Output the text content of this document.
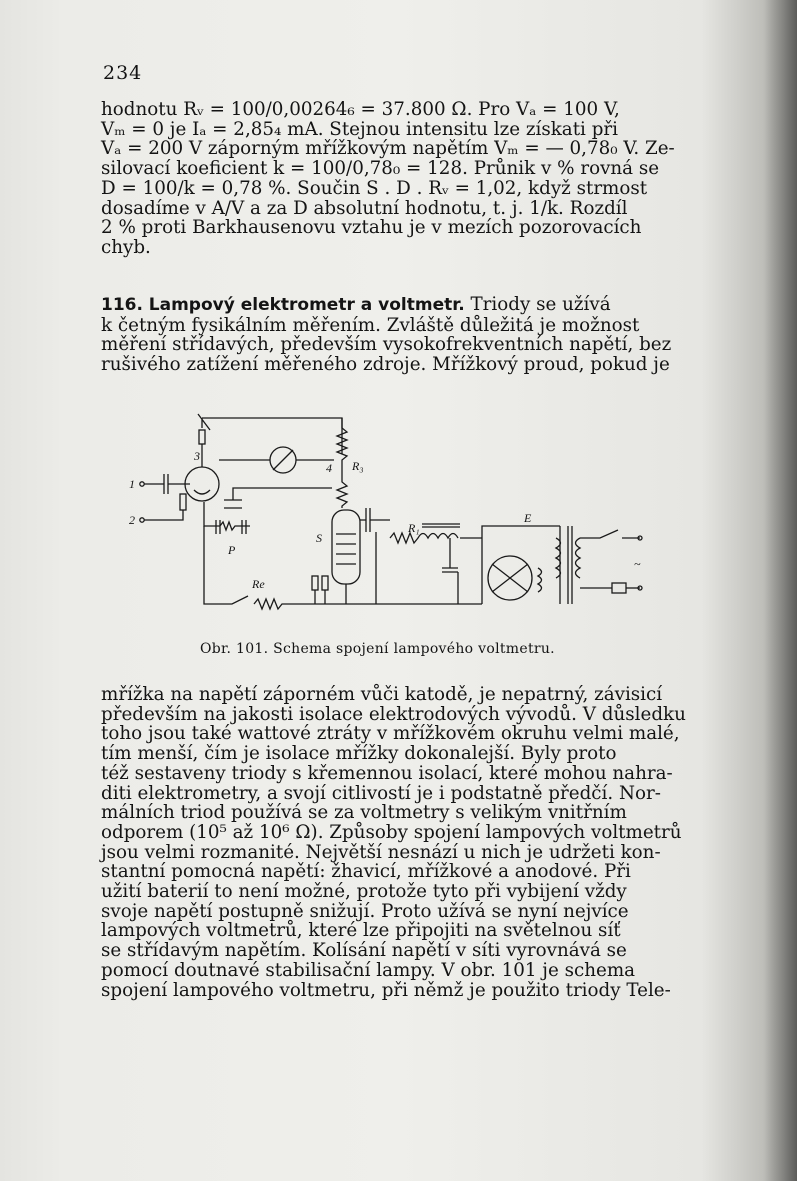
234
hodnotu Rᵥ = 100/0,00264₆ = 37.800 Ω. Pro Vₐ = 100 V,
Vₘ = 0 je Iₐ = 2,85₄ mA. Stejnou intensitu lze získati při
Vₐ = 200 V záporným mřížkovým napětím Vₘ = — 0,78₀ V. Ze-
silovací koeficient k = 100/0,78₀ = 128. Průnik v % rovná se
D = 100/k = 0,78 %. Součin S . D . Rᵥ = 1,02, když strmost
dosadíme v A/V a za D absolutní hodnotu, t. j. 1/k. Rozdíl
2 % proti Barkhausenovu vztahu je v mezích pozorovacích
chyb.
116. Lampový elektrometr a voltmetr. Triody se užívá
k četným fysikálním měřením. Zvláště důležitá je možnost
měření střídavých, především vysokofrekventních napětí, bez
rušivého zatížení měřeného zdroje. Mřížkový proud, pokud je
1
2
3
R₃
4
S
R₁
E
~
P
Re
Obr. 101. Schema spojení lampového voltmetru.
mřížka na napětí záporném vůči katodě, je nepatrný, závisicí
především na jakosti isolace elektrodových vývodů. V důsledku
toho jsou také wattové ztráty v mřížkovém okruhu velmi malé,
tím menší, čím je isolace mřížky dokonalejší. Byly proto
též sestaveny triody s křemennou isolací, které mohou nahra-
diti elektrometry, a svojí citlivostí je i podstatně předčí. Nor-
málních triod používá se za voltmetry s velikým vnitřním
odporem (10⁵ až 10⁶ Ω). Způsoby spojení lampových voltmetrů
jsou velmi rozmanité. Největší nesnází u nich je udržeti kon-
stantní pomocná napětí: žhavicí, mřížkové a anodové. Při
užití baterií to není možné, protože tyto při vybijení vždy
svoje napětí postupně snižují. Proto užívá se nyní nejvíce
lampových voltmetrů, které lze připojiti na světelnou síť
se střídavým napětím. Kolísání napětí v síti vyrovnává se
pomocí doutnavé stabilisační lampy. V obr. 101 je schema
spojení lampového voltmetru, při němž je použito triody Tele-
